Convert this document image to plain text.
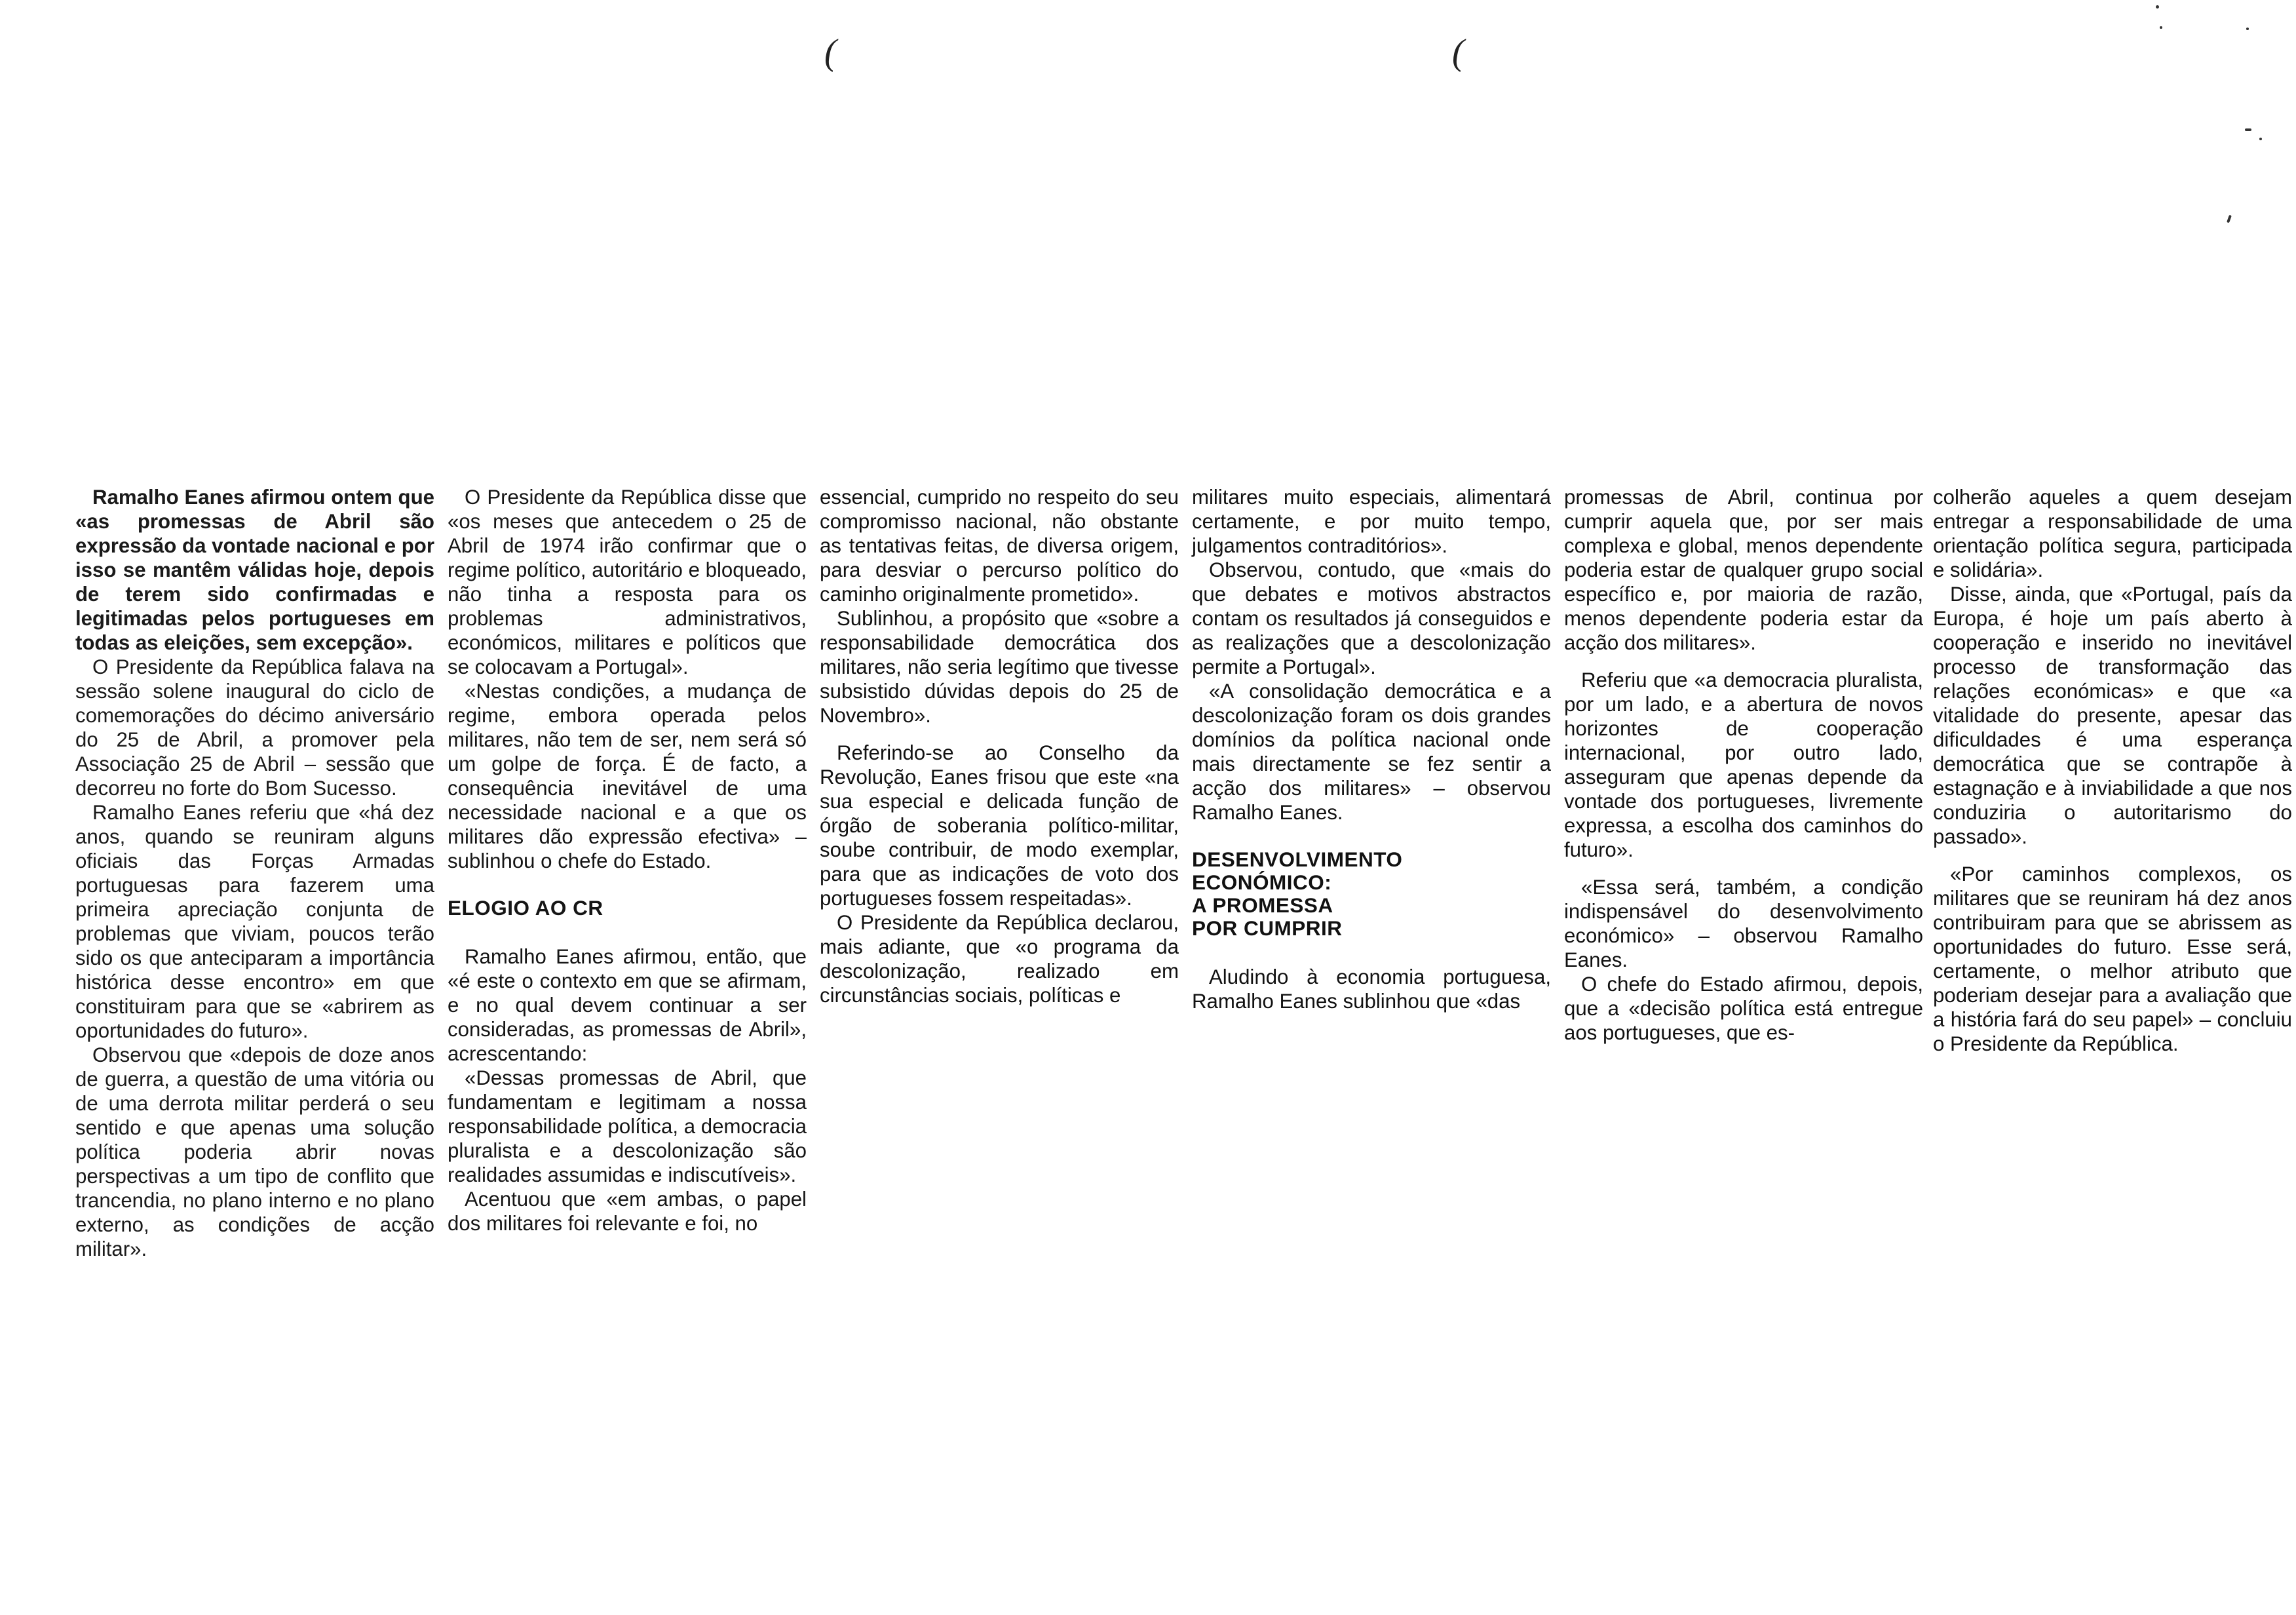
(	(

Ramalho Eanes afirmou ontem que «as promessas de Abril são expressão da vontade nacional e por isso se mantêm válidas hoje, depois de terem sido confirmadas e legitimadas pelos portugueses em todas as eleições, sem excepção».

O Presidente da República falava na sessão solene inaugural do ciclo de comemorações do décimo aniversário do 25 de Abril, a promover pela Associação 25 de Abril – sessão que decorreu no forte do Bom Sucesso.

Ramalho Eanes referiu que «há dez anos, quando se reuniram alguns oficiais das Forças Armadas portuguesas para fazerem uma primeira apreciação conjunta de problemas que viviam, poucos terão sido os que anteciparam a importância histórica desse encontro» em que constituiram para que se «abrirem as oportunidades do futuro».

Observou que «depois de doze anos de guerra, a questão de uma vitória ou de uma derrota militar perderá o seu sentido e que apenas uma solução política poderia abrir novas perspectivas a um tipo de conflito que trancendia, no plano interno e no plano externo, as condições de acção militar».

O Presidente da República disse que «os meses que antecedem o 25 de Abril de 1974 irão confirmar que o regime político, autoritário e bloqueado, não tinha a resposta para os problemas administrativos, económicos, militares e políticos que se colocavam a Portugal».

«Nestas condições, a mudança de regime, embora operada pelos militares, não tem de ser, nem será só um golpe de força. É de facto, a consequência inevitável de uma necessidade nacional e a que os militares dão expressão efectiva» – sublinhou o chefe do Estado.

ELOGIO AO CR

Ramalho Eanes afirmou, então, que «é este o contexto em que se afirmam, e no qual devem continuar a ser consideradas, as promessas de Abril», acrescentando:

«Dessas promessas de Abril, que fundamentam e legitimam a nossa responsabilidade política, a democracia pluralista e a descolonização são realidades assumidas e indiscutíveis».

Acentuou que «em ambas, o papel dos militares foi relevante e foi, no

essencial, cumprido no respeito do seu compromisso nacional, não obstante as tentativas feitas, de diversa origem, para desviar o percurso político do caminho originalmente prometido».

Sublinhou, a propósito que «sobre a responsabilidade democrática dos militares, não seria legítimo que tivesse subsistido dúvidas depois do 25 de Novembro».

Referindo-se ao Conselho da Revolução, Eanes frisou que este «na sua especial e delicada função de órgão de soberania político-militar, soube contribuir, de modo exemplar, para que as indicações de voto dos portugueses fossem respeitadas».

O Presidente da República declarou, mais adiante, que «o programa da descolonização, realizado em circunstâncias sociais, políticas e

militares muito especiais, alimentará certamente, e por muito tempo, julgamentos contraditórios».

Observou, contudo, que «mais do que debates e motivos abstractos contam os resultados já conseguidos e as realizações que a descolonização permite a Portugal».

«A consolidação democrática e a descolonização foram os dois grandes domínios da política nacional onde mais directamente se fez sentir a acção dos militares» – observou Ramalho Eanes.

DESENVOLVIMENTO
ECONÓMICO:
A PROMESSA
POR CUMPRIR

Aludindo à economia portuguesa, Ramalho Eanes sublinhou que «das

promessas de Abril, continua por cumprir aquela que, por ser mais complexa e global, menos dependente poderia estar de qualquer grupo social específico e, por maioria de razão, menos dependente poderia estar da acção dos militares».

Referiu que «a democracia pluralista, por um lado, e a abertura de novos horizontes de cooperação internacional, por outro lado, asseguram que apenas depende da vontade dos portugueses, livremente expressa, a escolha dos caminhos do futuro».

«Essa será, também, a condição indispensável do desenvolvimento económico» – observou Ramalho Eanes.

O chefe do Estado afirmou, depois, que a «decisão política está entregue aos portugueses, que es-

colherão aqueles a quem desejam entregar a responsabilidade de uma orientação política segura, participada e solidária».

Disse, ainda, que «Portugal, país da Europa, é hoje um país aberto à cooperação e inserido no inevitável processo de transformação das relações económicas» e que «a vitalidade do presente, apesar das dificuldades é uma esperança democrática que se contrapõe à estagnação e à inviabilidade a que nos conduziria o autoritarismo do passado».

«Por caminhos complexos, os militares que se reuniram há dez anos contribuiram para que se abrissem as oportunidades do futuro. Esse será, certamente, o melhor atributo que poderiam desejar para a avaliação que a história fará do seu papel» – concluiu o Presidente da República.
